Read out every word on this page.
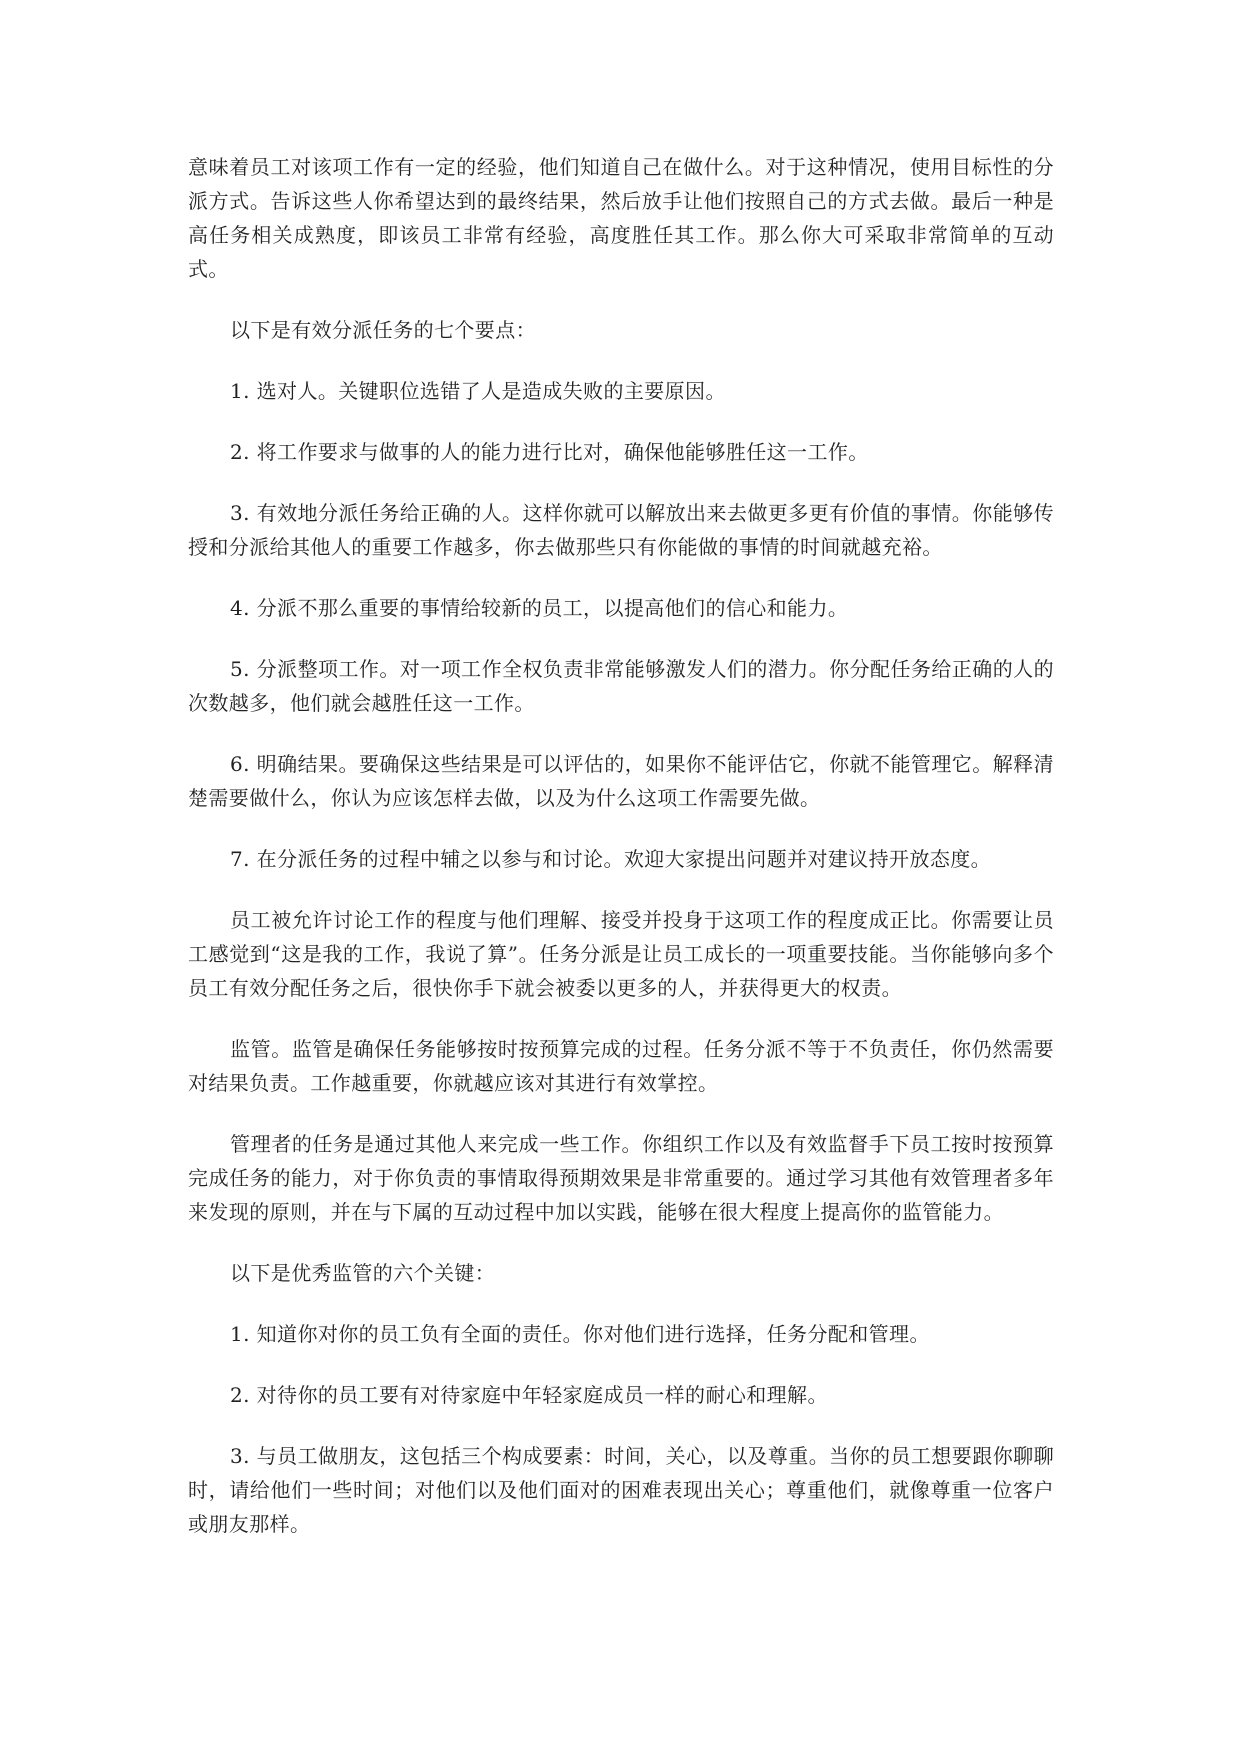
意味着员工对该项工作有一定的经验，他们知道自己在做什么。对于这种情况，使用目标性的分派方式。告诉这些人你希望达到的最终结果，然后放手让他们按照自己的方式去做。最后一种是高任务相关成熟度，即该员工非常有经验，高度胜任其工作。那么你大可采取非常简单的互动式。

以下是有效分派任务的七个要点：

1. 选对人。关键职位选错了人是造成失败的主要原因。

2. 将工作要求与做事的人的能力进行比对，确保他能够胜任这一工作。

3. 有效地分派任务给正确的人。这样你就可以解放出来去做更多更有价值的事情。你能够传授和分派给其他人的重要工作越多，你去做那些只有你能做的事情的时间就越充裕。

4. 分派不那么重要的事情给较新的员工，以提高他们的信心和能力。

5. 分派整项工作。对一项工作全权负责非常能够激发人们的潜力。你分配任务给正确的人的次数越多，他们就会越胜任这一工作。

6. 明确结果。要确保这些结果是可以评估的，如果你不能评估它，你就不能管理它。解释清楚需要做什么，你认为应该怎样去做，以及为什么这项工作需要先做。

7. 在分派任务的过程中辅之以参与和讨论。欢迎大家提出问题并对建议持开放态度。

员工被允许讨论工作的程度与他们理解、接受并投身于这项工作的程度成正比。你需要让员工感觉到“这是我的工作，我说了算”。任务分派是让员工成长的一项重要技能。当你能够向多个员工有效分配任务之后，很快你手下就会被委以更多的人，并获得更大的权责。

监管。监管是确保任务能够按时按预算完成的过程。任务分派不等于不负责任，你仍然需要对结果负责。工作越重要，你就越应该对其进行有效掌控。

管理者的任务是通过其他人来完成一些工作。你组织工作以及有效监督手下员工按时按预算完成任务的能力，对于你负责的事情取得预期效果是非常重要的。通过学习其他有效管理者多年来发现的原则，并在与下属的互动过程中加以实践，能够在很大程度上提高你的监管能力。

以下是优秀监管的六个关键：

1. 知道你对你的员工负有全面的责任。你对他们进行选择，任务分配和管理。

2. 对待你的员工要有对待家庭中年轻家庭成员一样的耐心和理解。

3. 与员工做朋友，这包括三个构成要素：时间，关心，以及尊重。当你的员工想要跟你聊聊时，请给他们一些时间；对他们以及他们面对的困难表现出关心；尊重他们，就像尊重一位客户或朋友那样。
